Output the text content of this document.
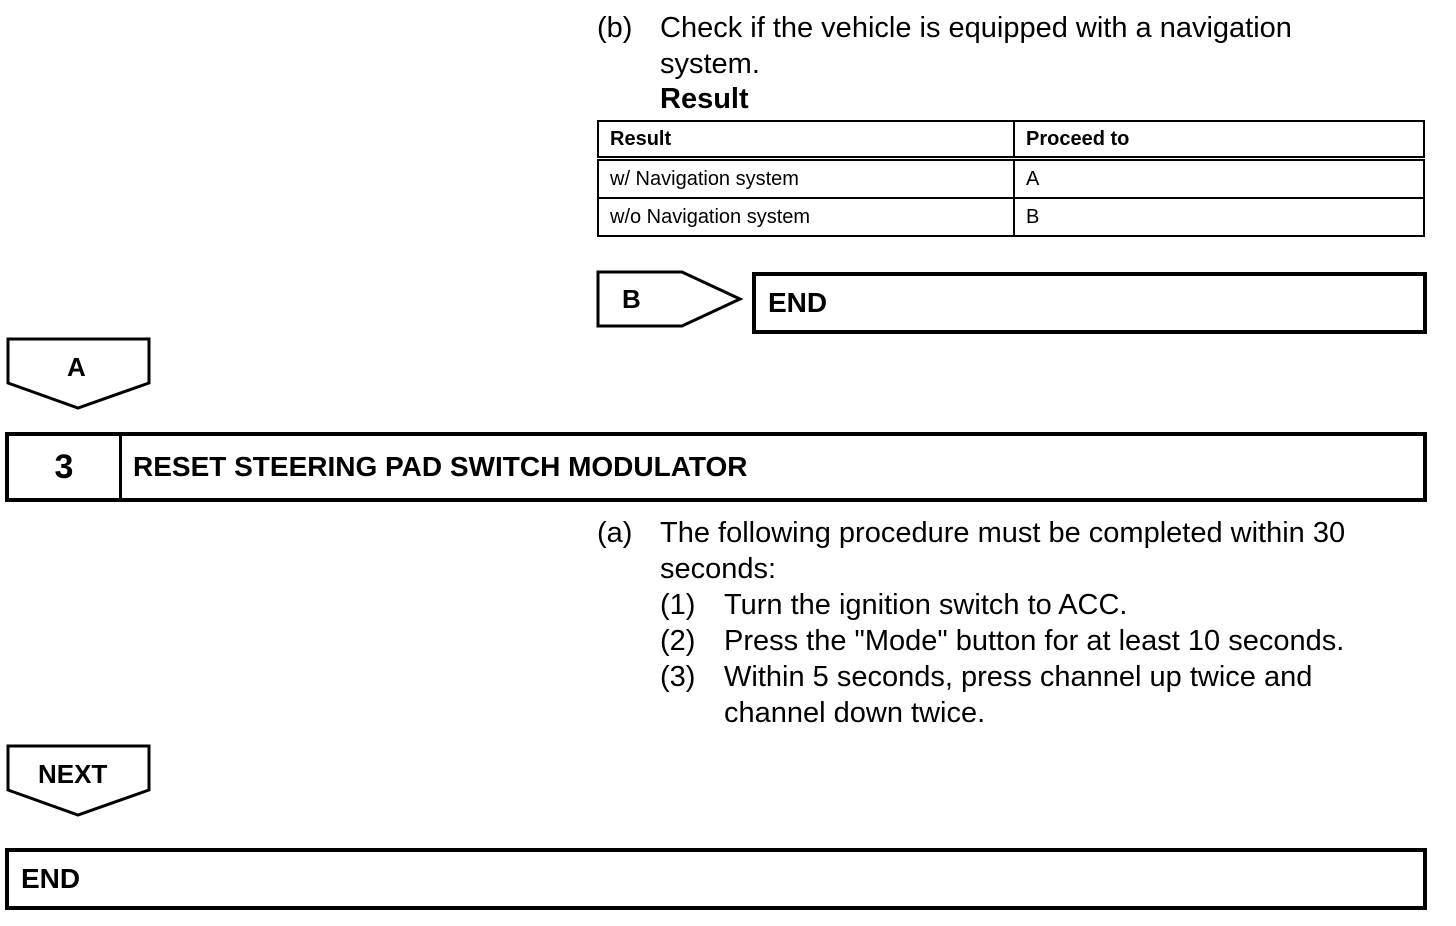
(b) Check if the vehicle is equipped with a navigation
system.
Result
Result	Proceed to
w/ Navigation system	A
w/o Navigation system	B
B	END
A
3	RESET STEERING PAD SWITCH MODULATOR
(a) The following procedure must be completed within 30
seconds:
(1) Turn the ignition switch to ACC.
(2) Press the "Mode" button for at least 10 seconds.
(3) Within 5 seconds, press channel up twice and
channel down twice.
NEXT
END
